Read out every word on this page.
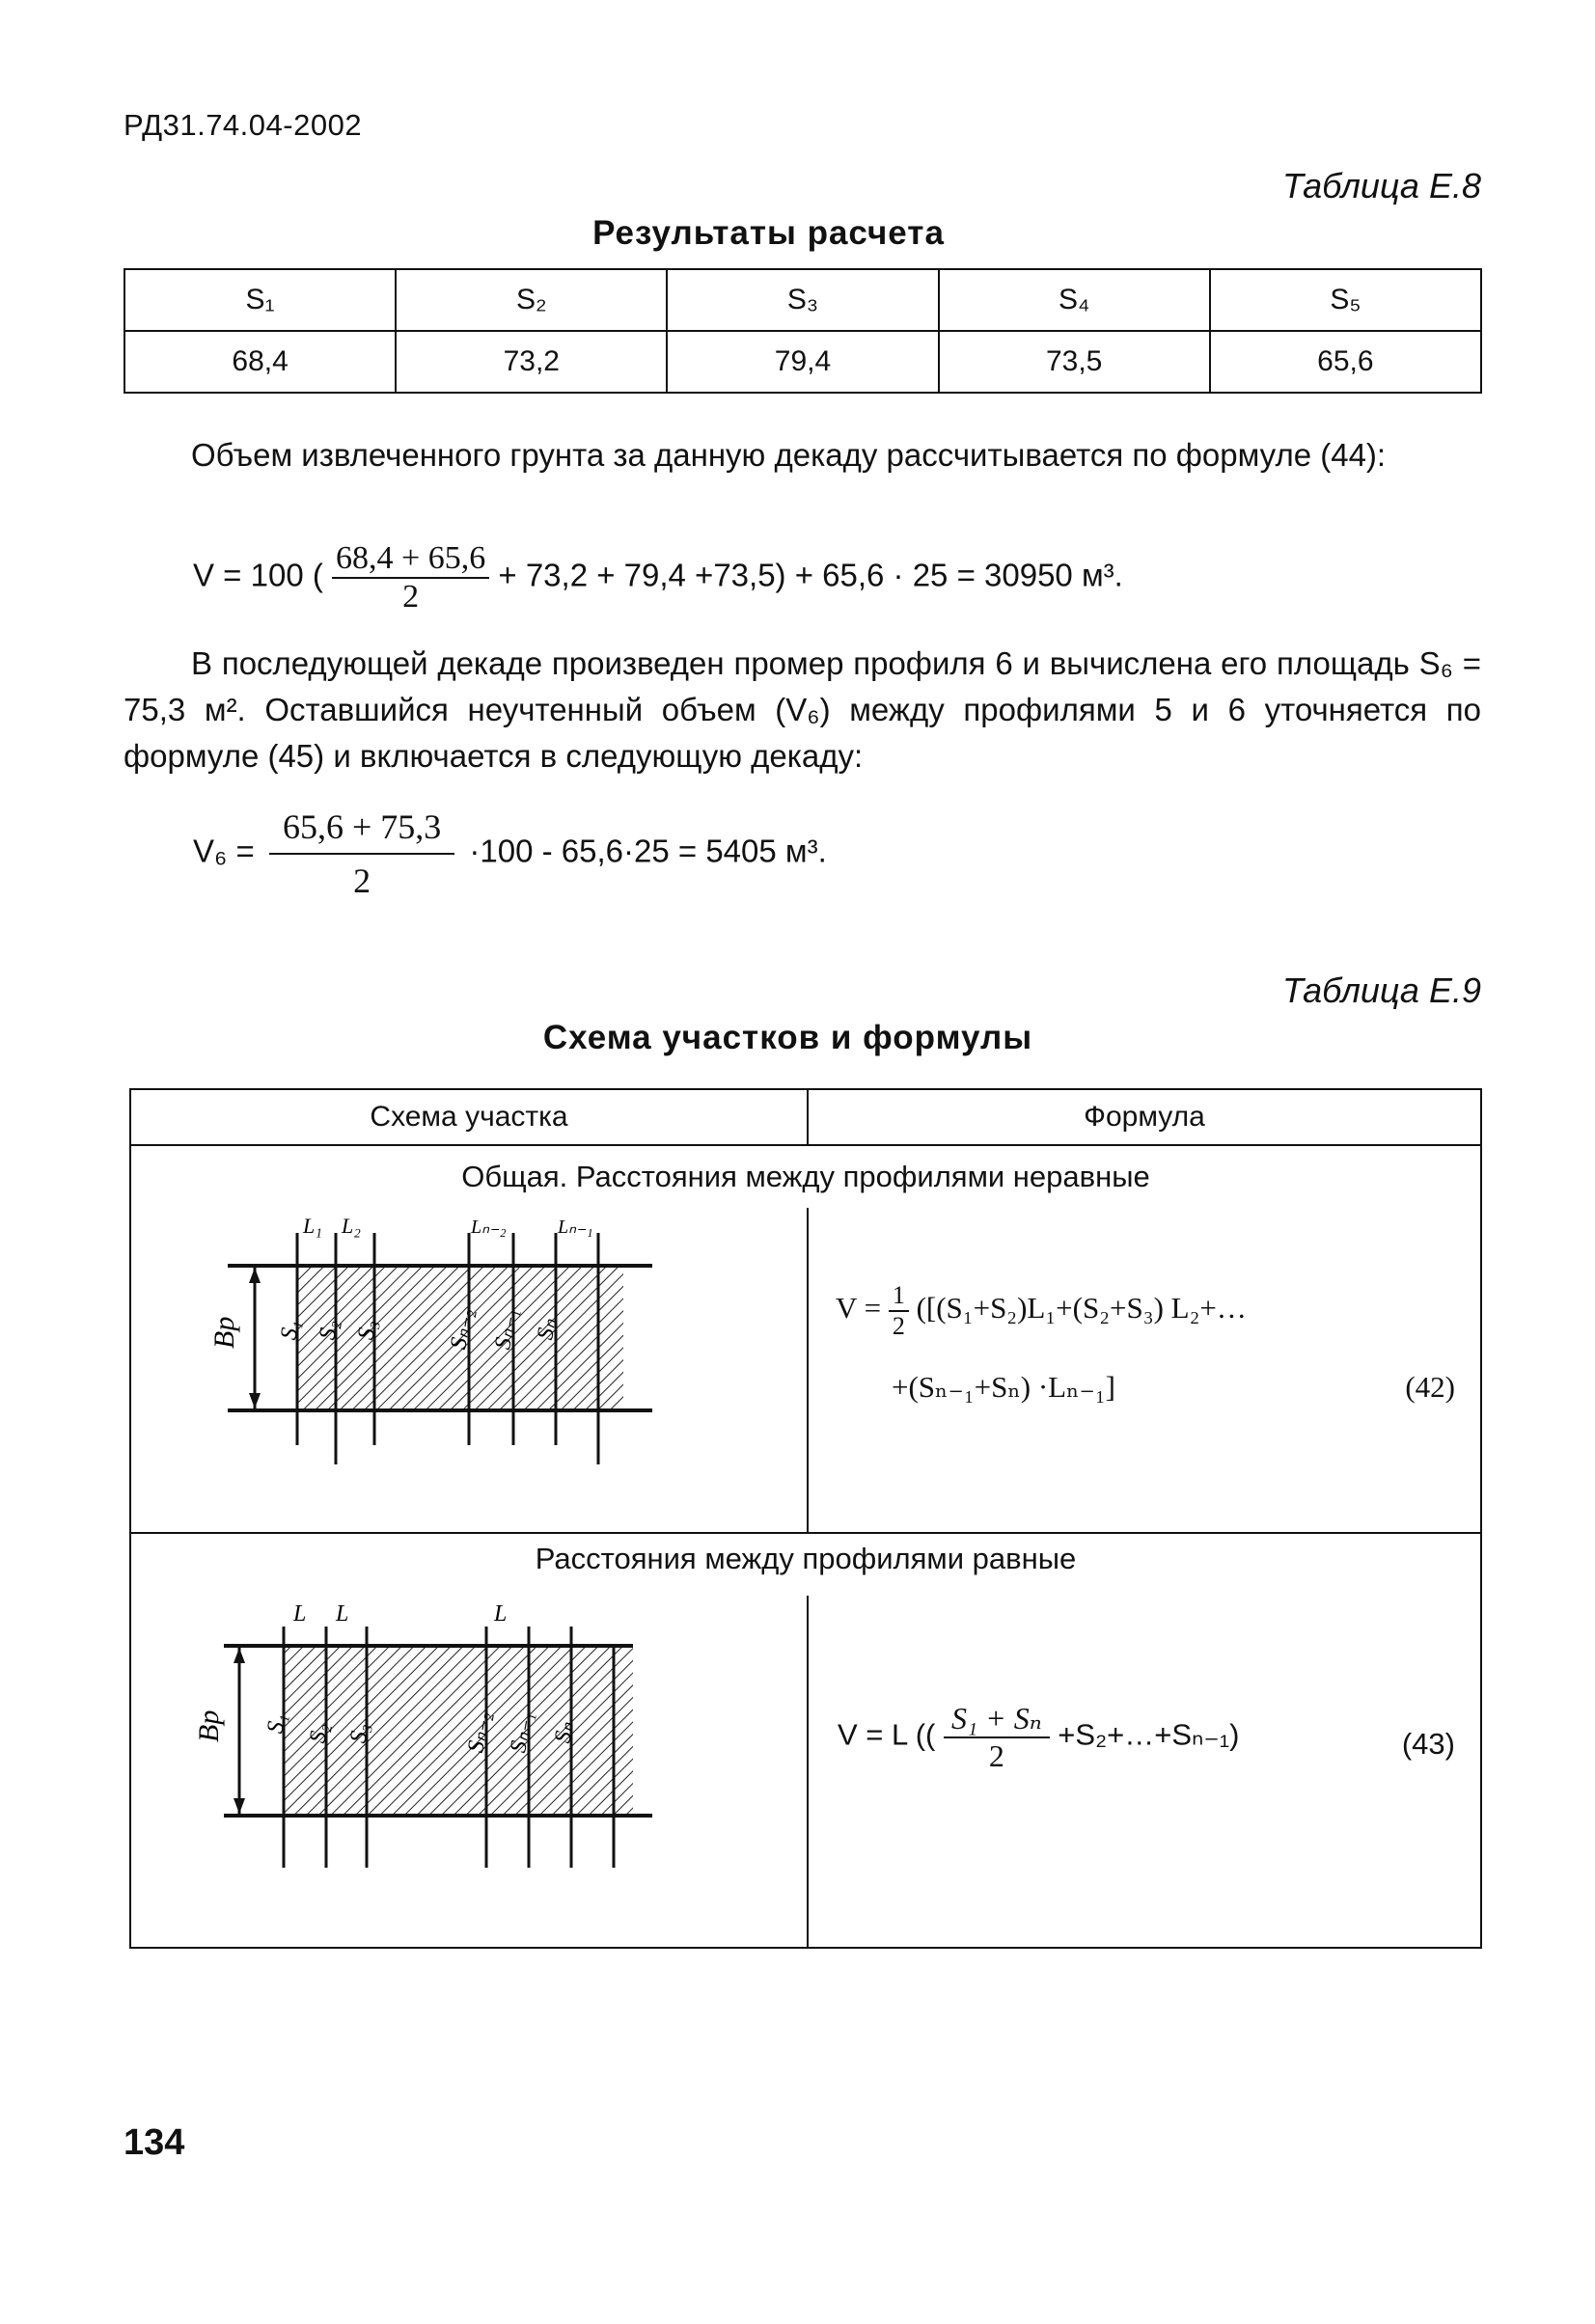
РД31.74.04-2002
Таблица Е.8
Результаты расчета
S₁	S₂	S₃	S₄	S₅
68,4	73,2	79,4	73,5	65,6
Объем извлеченного грунта за данную декаду рассчитывается по формуле (44):
V = 100 ( $\frac{68,4 + 65,6}{2} + 73,2 + 79,4 +73,5) + 65,6 \cdot 25 = 30950$ м³.
В последующей декаде произведен промер профиля 6 и вычислена его площадь S₆ = 75,3 м². Оставшийся неучтенный объем (V₆) между профилями 5 и 6 уточняется по формуле (45) и включается в следующую декаду:
$V_6 = \frac{65,6 + 75,3}{2} \cdot 100 - 65,6\cdot 25 = 5405$ м³.
Таблица Е.9
Схема участков и формулы
Схема участка	Формула

Общая. Расстояния между профилями неравные
Bр
L₁ L₂	Lₙ₋₂	Lₙ₋₁
S₁ S₂ S₃	Sₙ₋₂ Sₙ₋₁ Sₙ
$V = \frac{1}{2} ([(S_1+S_2)L_1+(S_2+S_3)$ L₂+…
+(Sₙ₋₁+Sₙ) ·Lₙ₋₁]	(42)

Расстояния между профилями равные
Bр
L L	L
S₁ S₂ S₃	Sₙ₋₂ Sₙ₋₁ Sₙ	V = L (( $\frac{\text{S₁ + Sₙ}}{2}$ +S₂+…+Sₙ₋₁)	(43)
134
